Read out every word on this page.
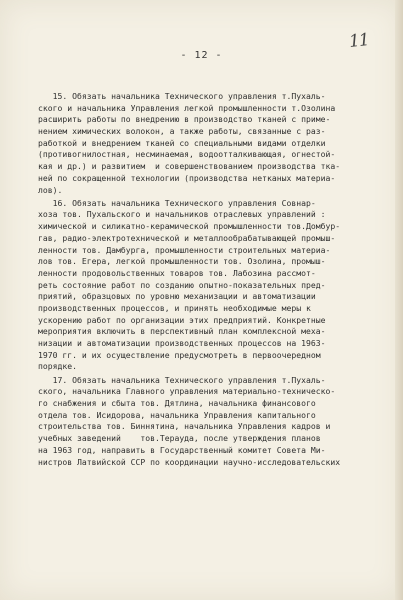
- 12 -
11
15. Обязать начальника Технического управления т.Пухаль-
ского и начальника Управления легкой промышленности т.Озолина
расширить работы по внедрению в производство тканей с приме-
нением химических волокон, а также работы, связанные с раз-
работкой и внедрением тканей со специальными видами отделки
(противогнилостная, несминаемая, водоотталкивающая, огнестой-
кая и др.) и развитием  и совершенствованием производства тка-
ней по сокращенной технологии (производства нетканых материа-
лов).
16. Обязать начальника Технического управления Совнар-
хоза тов. Пухальского и начальников отраслевых управлений :
химической и силикатно-керамической промышленности тов.Домбур-
гав, радио-электротехнической и металлообрабатывающей промыш-
ленности тов. Дамбурга, промышленности строительных материа-
лов тов. Егера, легкой промышленности тов. Озолина, промыш-
ленности продовольственных товаров тов. Лабозина рассмот-
реть состояние работ по созданию опытно-показательных пред-
приятий, образцовых по уровню механизации и автоматизации
производственных процессов, и принять необходимые меры к
ускорению работ по организации этих предприятий. Конкретные
мероприятия включить в перспективный план комплексной меха-
низации и автоматизации производственных процессов на 1963-
1970 гг. и их осуществление предусмотреть в первоочередном
порядке.
17. Обязать начальника Технического управления т.Пухаль-
ского, начальника Главного управления материально-техническо-
го снабжения и сбыта тов. Дятлина, начальника финансового
отдела тов. Исидорова, начальника Управления капитального
строительства тов. Биннятина, начальника Управления кадров и
учебных заведений    тов.Терауда, после утверждения планов
на 1963 год, направить в Государственный комитет Совета Ми-
нистров Латвийской ССР по координации научно-исследовательских
